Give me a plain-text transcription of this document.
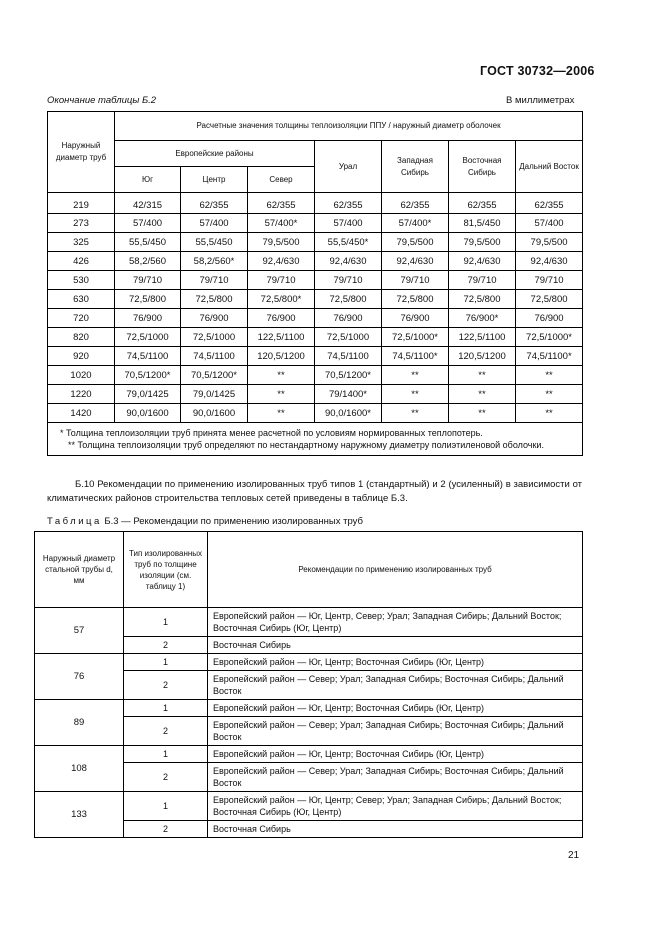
ГОСТ 30732—2006
Окончание таблицы Б.2	В миллиметрах
Наружный диаметр труб	Расчетные значения толщины теплоизоляции ППУ / наружный диаметр оболочек						
	Европейские районы			Урал	Западная Сибирь	Восточная Сибирь	Дальний Восток
	Юг	Центр	Север				
219	42/315	62/355	62/355	62/355	62/355	62/355	62/355
273	57/400	57/400	57/400*	57/400	57/400*	81,5/450	57/400
325	55,5/450	55,5/450	79,5/500	55,5/450*	79,5/500	79,5/500	79,5/500
426	58,2/560	58,2/560*	92,4/630	92,4/630	92,4/630	92,4/630	92,4/630
530	79/710	79/710	79/710	79/710	79/710	79/710	79/710
630	72,5/800	72,5/800	72,5/800*	72,5/800	72,5/800	72,5/800	72,5/800
720	76/900	76/900	76/900	76/900	76/900	76/900*	76/900
820	72,5/1000	72,5/1000	122,5/1100	72,5/1000	72,5/1000*	122,5/1100	72,5/1000*
920	74,5/1100	74,5/1100	120,5/1200	74,5/1100	74,5/1100*	120,5/1200	74,5/1100*
1020	70,5/1200*	70,5/1200*	**	70,5/1200*	**	**	**
1220	79,0/1425	79,0/1425	**	79/1400*	**	**	**
1420	90,0/1600	90,0/1600	**	90,0/1600*	**	**	**

* Толщина теплоизоляции труб принята менее расчетной по условиям нормированных теплопотерь.
** Толщина теплоизоляции труб определяют по нестандартному наружному диаметру полиэтиленовой оболочки.							
Б.10 Рекомендации по применению изолированных труб типов 1 (стандартный) и 2 (усиленный) в зависимости от климатических районов строительства тепловых сетей приведены в таблице Б.3.
Таблица Б.3 — Рекомендации по применению изолированных труб
Наружный диаметр стальной трубы d, мм	Тип изолированных труб по толщине изоляции (см. таблицу 1)	Рекомендации по применению изолированных труб
57	1	Европейский район — Юг, Центр, Север; Урал; Западная Сибирь; Дальний Восток; Восточная Сибирь (Юг, Центр)
	2	Восточная Сибирь
76	1	Европейский район — Юг, Центр; Восточная Сибирь (Юг, Центр)
	2	Европейский район — Север; Урал; Западная Сибирь; Восточная Сибирь; Дальний Восток
89	1	Европейский район — Юг, Центр; Восточная Сибирь (Юг, Центр)
	2	Европейский район — Север; Урал; Западная Сибирь; Восточная Сибирь; Дальний Восток
108	1	Европейский район — Юг, Центр; Восточная Сибирь (Юг, Центр)
	2	Европейский район — Север; Урал; Западная Сибирь; Восточная Сибирь; Дальний Восток
133	1	Европейский район — Юг, Центр; Север; Урал; Западная Сибирь; Дальний Восток; Восточная Сибирь (Юг, Центр)
	2	Восточная Сибирь
21
